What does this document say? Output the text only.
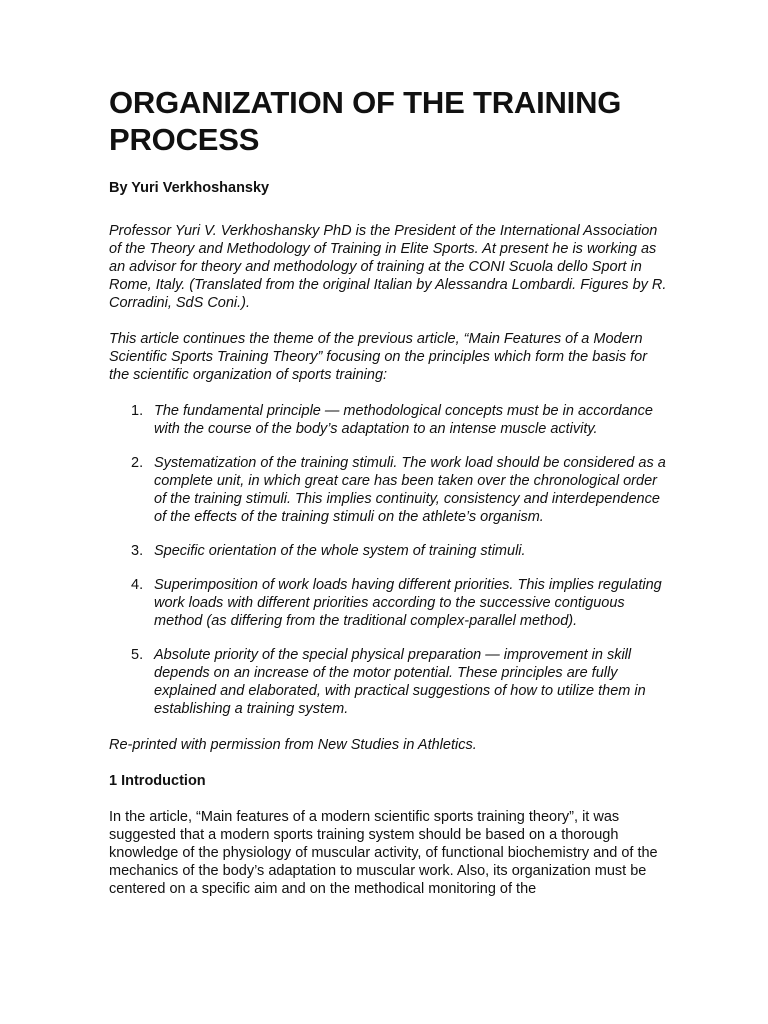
ORGANIZATION OF THE TRAINING PROCESS

By Yuri Verkhoshansky

Professor Yuri V. Verkhoshansky PhD is the President of the International Association of the Theory and Methodology of Training in Elite Sports. At present he is working as an advisor for theory and methodology of training at the CONI Scuola dello Sport in Rome, Italy. (Translated from the original Italian by Alessandra Lombardi. Figures by R. Corradini, SdS Coni.).

This article continues the theme of the previous article, “Main Features of a Modern Scientific Sports Training Theory” focusing on the principles which form the basis for the scientific organization of sports training:

1. The fundamental principle — methodological concepts must be in accordance with the course of the body’s adaptation to an intense muscle activity.
2. Systematization of the training stimuli. The work load should be considered as a complete unit, in which great care has been taken over the chronological order of the training stimuli. This implies continuity, consistency and interdependence of the effects of the training stimuli on the athlete’s organism.
3. Specific orientation of the whole system of training stimuli.
4. Superimposition of work loads having different priorities. This implies regulating work loads with different priorities according to the successive contiguous method (as differing from the traditional complex-parallel method).
5. Absolute priority of the special physical preparation — improvement in skill depends on an increase of the motor potential. These principles are fully explained and elaborated, with practical suggestions of how to utilize them in establishing a training system.

Re-printed with permission from New Studies in Athletics.

1 Introduction

In the article, “Main features of a modern scientific sports training theory”, it was suggested that a modern sports training system should be based on a thorough knowledge of the physiology of muscular activity, of functional biochemistry and of the mechanics of the body’s adaptation to muscular work. Also, its organization must be centered on a specific aim and on the methodical monitoring of the
